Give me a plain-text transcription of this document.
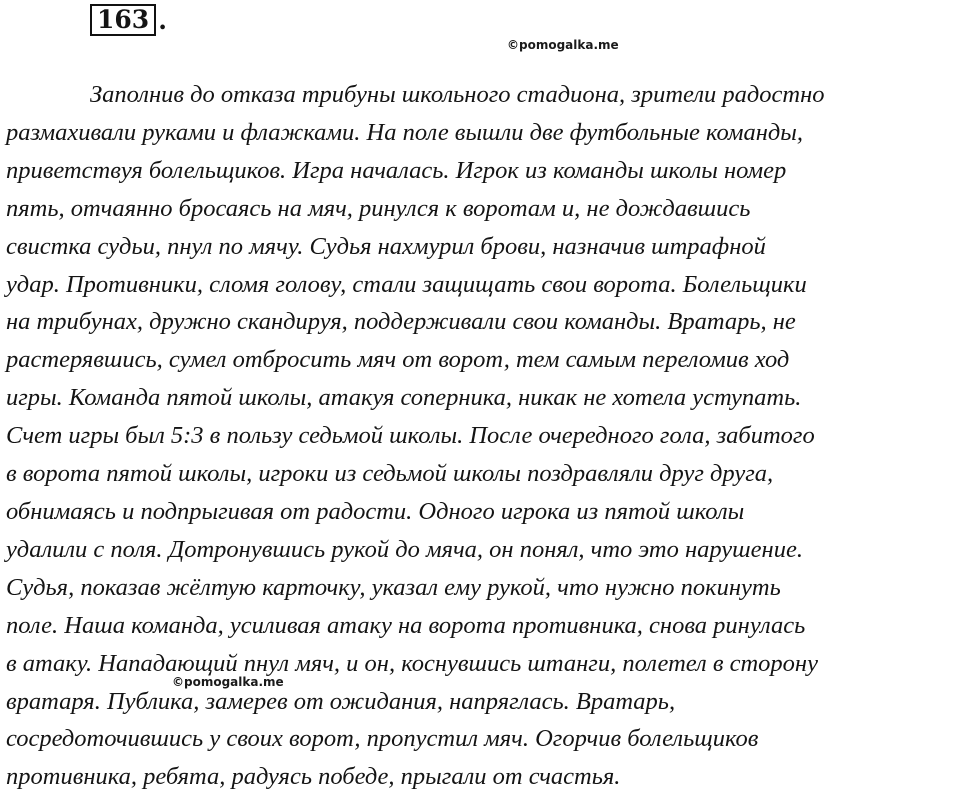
163 .
©pomogalka.me
Заполнив до отказа трибуны школьного стадиона, зрители радостно
размахивали руками и флажками. На поле вышли две футбольные команды,
приветствуя болельщиков. Игра началась. Игрок из команды школы номер
пять, отчаянно бросаясь на мяч, ринулся к воротам и, не дождавшись
свистка судьи, пнул по мячу. Судья нахмурил брови, назначив штрафной
удар. Противники, сломя голову, стали защищать свои ворота. Болельщики
на трибунах, дружно скандируя, поддерживали свои команды. Вратарь, не
растерявшись, сумел отбросить мяч от ворот, тем самым переломив ход
игры. Команда пятой школы, атакуя соперника, никак не хотела уступать.
Счет игры был 5:3 в пользу седьмой школы. После очередного гола, забитого
в ворота пятой школы, игроки из седьмой школы поздравляли друг друга,
обнимаясь и подпрыгивая от радости. Одного игрока из пятой школы
удалили с поля. Дотронувшись рукой до мяча, он понял, что это нарушение.
Судья, показав жёлтую карточку, указал ему рукой, что нужно покинуть
поле. Наша команда, усиливая атаку на ворота противника, снова ринулась
в атаку. Нападающий пнул мяч, и он, коснувшись штанги, полетел в сторону
вратаря. Публика, замерев от ожидания, напряглась. Вратарь,
сосредоточившись у своих ворот, пропустил мяч. Огорчив болельщиков
противника, ребята, радуясь победе, прыгали от счастья.
©pomogalka.me
